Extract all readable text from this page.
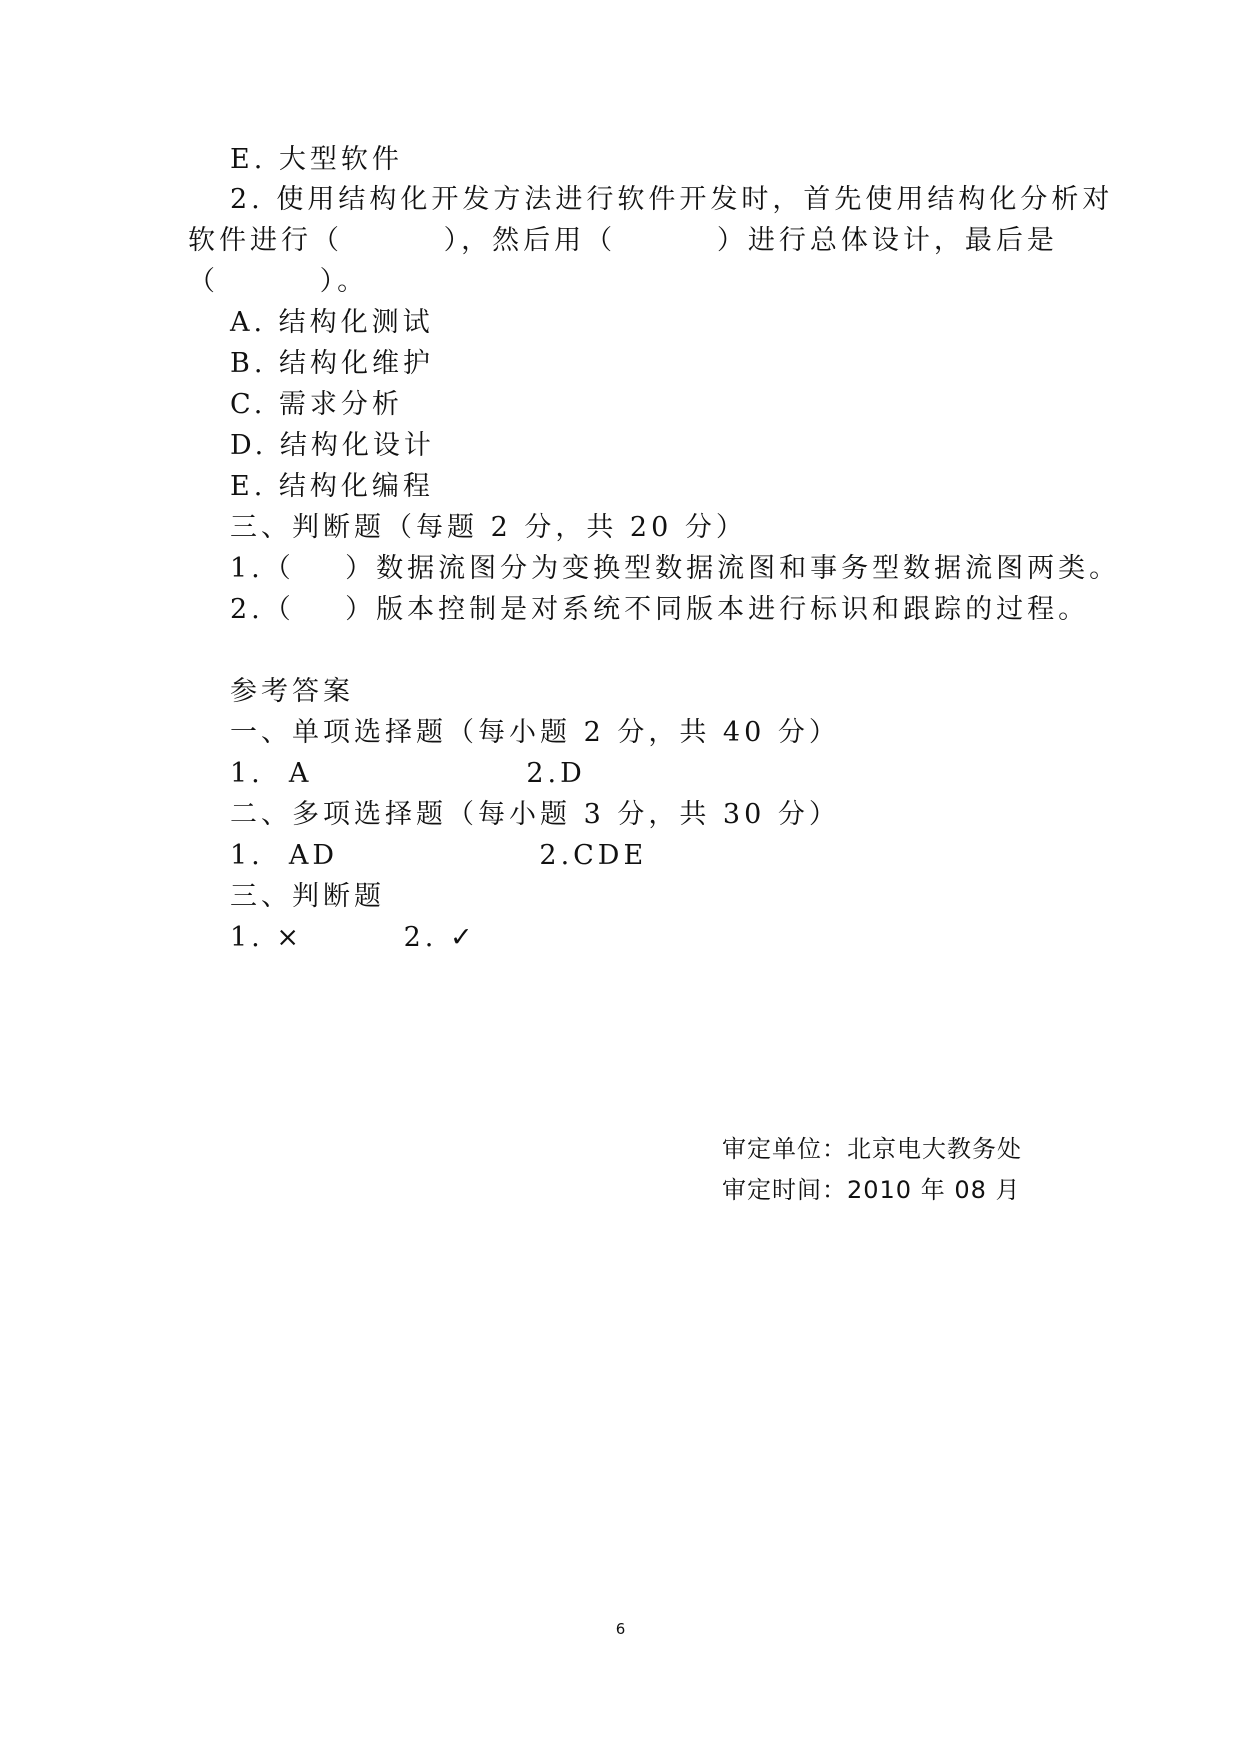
E. 大型软件
2. 使用结构化开发方法进行软件开发时，首先使用结构化分析对
软件进行（        ），然后用（        ）进行总体设计，最后是
（        ）。
A. 结构化测试
B. 结构化维护
C. 需求分析
D. 结构化设计
E. 结构化编程
三、判断题（每题 2 分，共 20 分）
1.（    ）数据流图分为变换型数据流图和事务型数据流图两类。
2.（    ）版本控制是对系统不同版本进行标识和跟踪的过程。
参考答案
一、单项选择题（每小题 2 分，共 40 分）
1.  A                 2.D
二、多项选择题（每小题 3 分，共 30 分）
1.  AD                2.CDE
三、判断题
1. ×        2. ✓
审定单位：北京电大教务处
审定时间：2010 年 08 月
6
